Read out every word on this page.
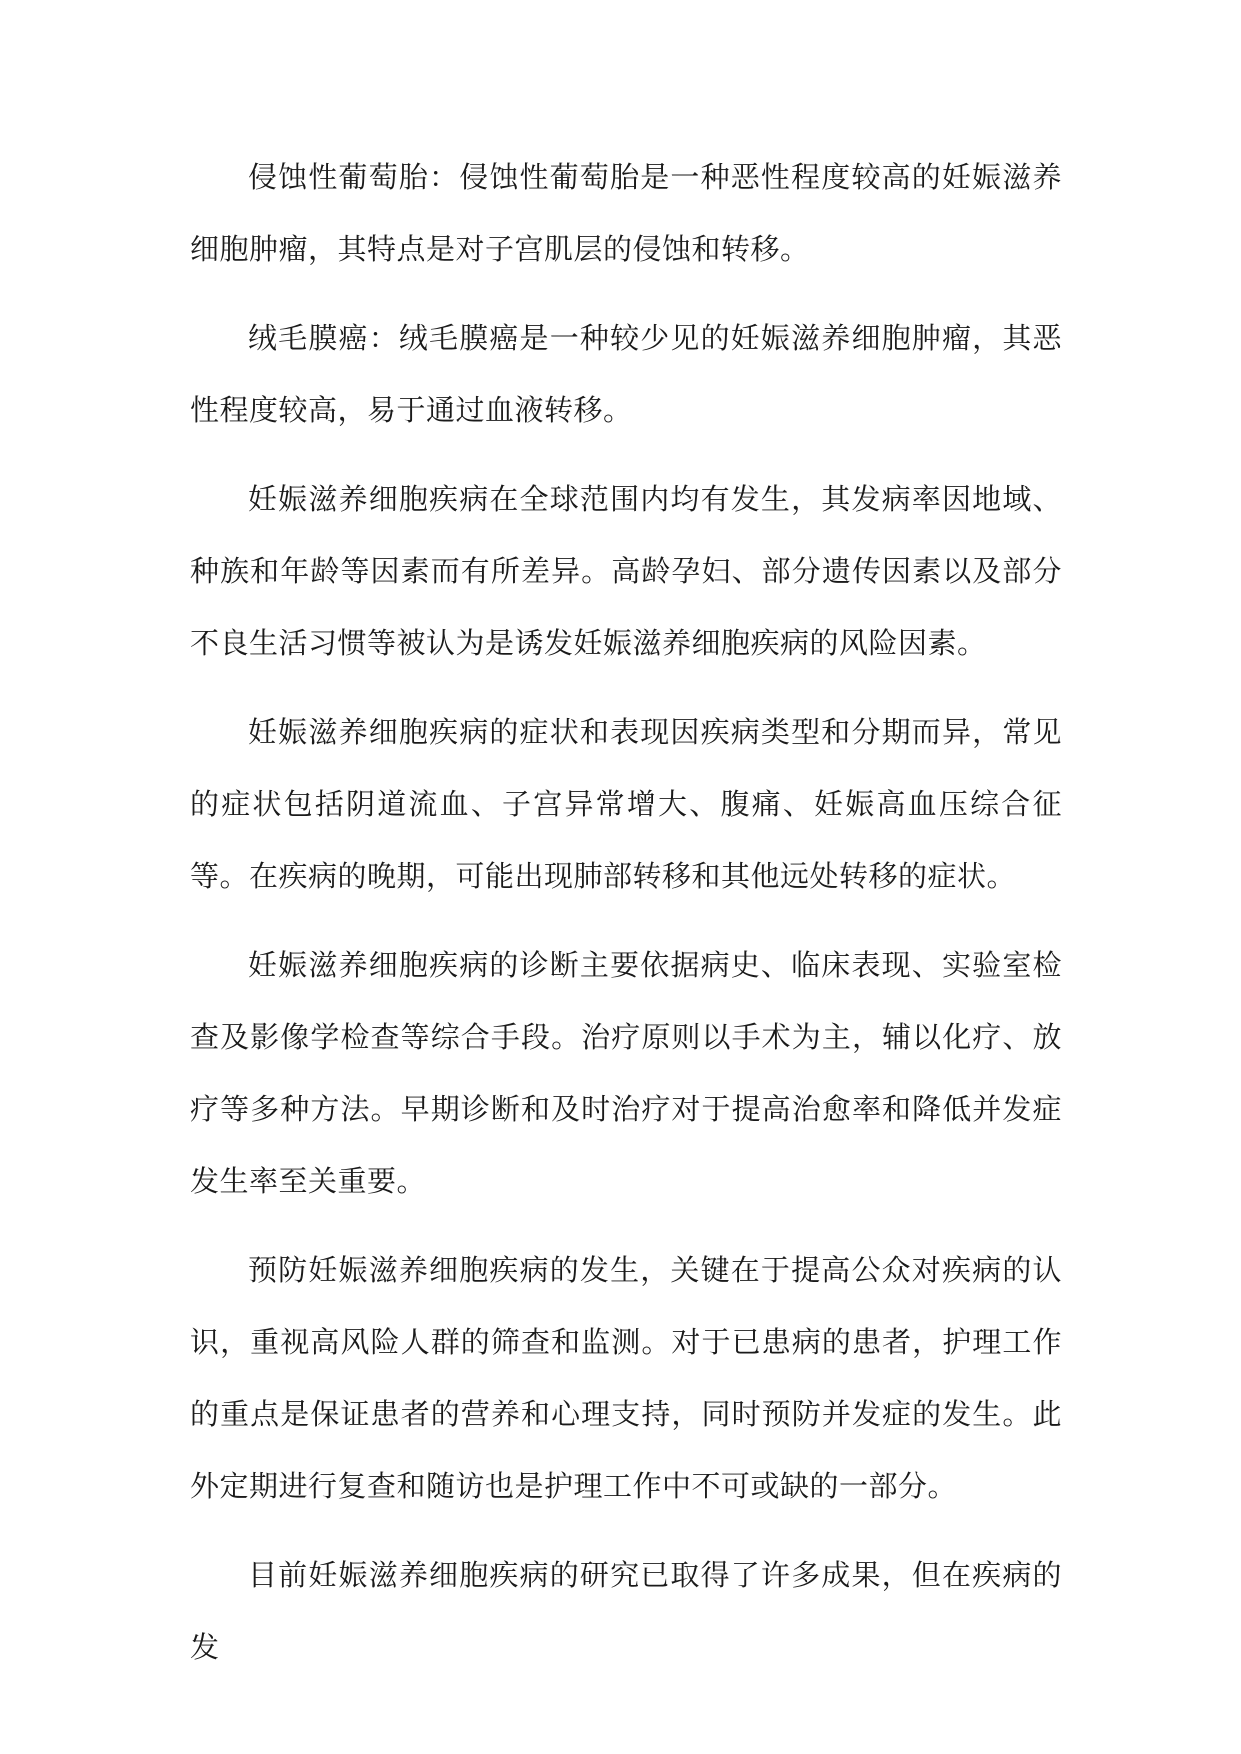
侵蚀性葡萄胎：侵蚀性葡萄胎是一种恶性程度较高的妊娠滋养细胞肿瘤，其特点是对子宫肌层的侵蚀和转移。

绒毛膜癌：绒毛膜癌是一种较少见的妊娠滋养细胞肿瘤，其恶性程度较高，易于通过血液转移。

妊娠滋养细胞疾病在全球范围内均有发生，其发病率因地域、种族和年龄等因素而有所差异。高龄孕妇、部分遗传因素以及部分不良生活习惯等被认为是诱发妊娠滋养细胞疾病的风险因素。

妊娠滋养细胞疾病的症状和表现因疾病类型和分期而异，常见的症状包括阴道流血、子宫异常增大、腹痛、妊娠高血压综合征等。在疾病的晚期，可能出现肺部转移和其他远处转移的症状。

妊娠滋养细胞疾病的诊断主要依据病史、临床表现、实验室检查及影像学检查等综合手段。治疗原则以手术为主，辅以化疗、放疗等多种方法。早期诊断和及时治疗对于提高治愈率和降低并发症发生率至关重要。

预防妊娠滋养细胞疾病的发生，关键在于提高公众对疾病的认识，重视高风险人群的筛查和监测。对于已患病的患者，护理工作的重点是保证患者的营养和心理支持，同时预防并发症的发生。此外定期进行复查和随访也是护理工作中不可或缺的一部分。

目前妊娠滋养细胞疾病的研究已取得了许多成果，但在疾病的发
